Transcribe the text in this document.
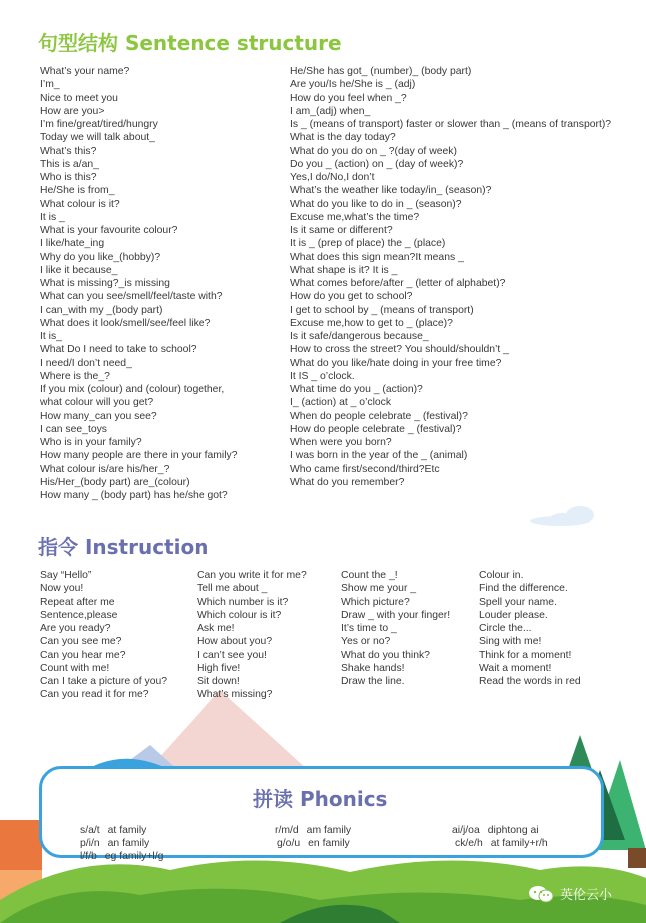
句型结构 Sentence structure
What’s your name?
I’m_
Nice to meet you
How are you>
I’m fine/great/tired/hungry
Today we will talk about_
What’s this?
This is a/an_
Who is this?
He/She is from_
What colour is it?
It is _
What is your favourite colour?
I like/hate_ing
Why do you like_(hobby)?
I like it because_
What is missing?_is missing
What can you see/smell/feel/taste with?
I can_with my _(body part)
What does it look/smell/see/feel like?
It is_
What Do I need to take to school?
I need/I don’t need_
Where is the_?
If you mix (colour) and (colour) together,
what colour will you get?
How many_can you see?
I can see_toys
Who is in your family?
How many people are there in your family?
What colour is/are his/her_?
His/Her_(body part) are_(colour)
How many _ (body part) has he/she got?
He/She has got_ (number)_ (body part)
Are you/Is he/She is _ (adj)
How do you feel when _?
I am_(adj) when_
Is _ (means of transport) faster or slower than _ (means of transport)?
What is the day today?
What do you do on _ ?(day of week)
Do you _ (action) on _ (day of week)?
Yes,I do/No,I don’t
What’s the weather like today/in_ (season)?
What do you like to do in _ (season)?
Excuse me,what’s the time?
Is it same or different?
It is _ (prep of place) the _ (place)
What does this sign mean?It means _
What shape is it? It is _
What comes before/after _ (letter of alphabet)?
How do you get to school?
I get to school by _ (means of transport)
Excuse me,how to get to _ (place)?
Is it safe/dangerous because_
How to cross the street? You should/shouldn’t _
What do you like/hate doing in your free time?
It IS _ o’clock.
What time do you _ (action)?
I_ (action) at _ o’clock
When do people celebrate _ (festival)?
How do people celebrate _ (festival)?
When were you born?
I was born in the year of the _ (animal)
Who came first/second/third?Etc
What do you remember?
指令 Instruction
Say “Hello”
Now you!
Repeat after me
Sentence,please
Are you ready?
Can you see me?
Can you hear me?
Count with me!
Can I take a picture of you?
Can you read it for me?
Can you write it for me?
Tell me about _
Which number is it?
Which colour is it?
Ask me!
How about you?
I can’t see you!
High five!
Sit down!
What’s missing?
Count the _!
Show me your _
Which picture?
Draw _ with your finger!
It’s time to _
Yes or no?
What do you think?
Shake hands!
Draw the line.
Colour in.
Find the difference.
Spell your name.
Louder please.
Circle the...
Sing with me!
Think for a moment!
Wait a moment!
Read the words in red
拼读 Phonics
s/a/t at family
p/i/n an family
l/f/b eg family+l/g
r/m/d am family
g/o/u en family
ai/j/oa diphtong ai
ck/e/h at family+r/h
英伦云小
